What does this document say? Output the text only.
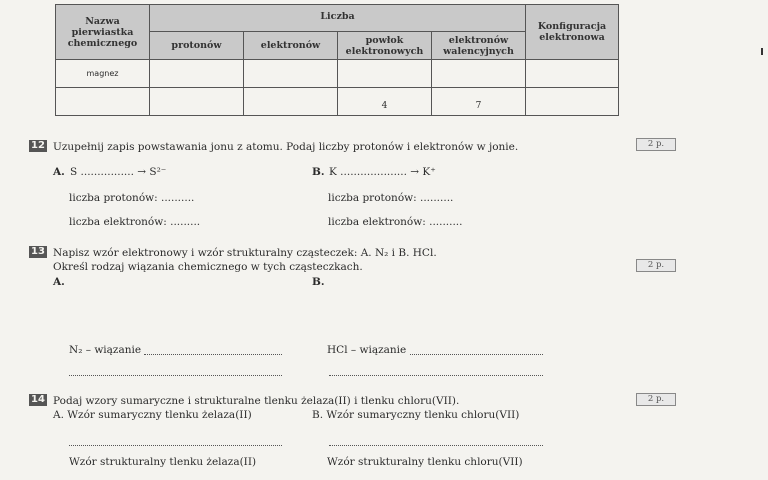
Nazwa pierwiastka chemicznego	Liczba				Konfiguracja elektronowa
	protonów	elektronów	powłok elektronowych	elektronów walencyjnych	
magnez					
			4	7	
12 Uzupełnij zapis powstawania jonu z atomu. Podaj liczby protonów i elektronów w jonie.	2 p.
A. S ................ → S²⁻	B. K .................... → K⁺
liczba protonów: ..........
liczba elektronów: .........
liczba protonów: ..........
liczba elektronów: ..........
13 Napisz wzór elektronowy i wzór strukturalny cząsteczek: A. N₂ i B. HCl.
Określ rodzaj wiązania chemicznego w tych cząsteczkach.	2 p.
A.	B.
N₂ – wiązanie	HCl – wiązanie
14 Podaj wzory sumaryczne i strukturalne tlenku żelaza(II) i tlenku chloru(VII).	2 p.
A. Wzór sumaryczny tlenku żelaza(II)	B. Wzór sumaryczny tlenku chloru(VII)
Wzór strukturalny tlenku żelaza(II)	Wzór strukturalny tlenku chloru(VII)
